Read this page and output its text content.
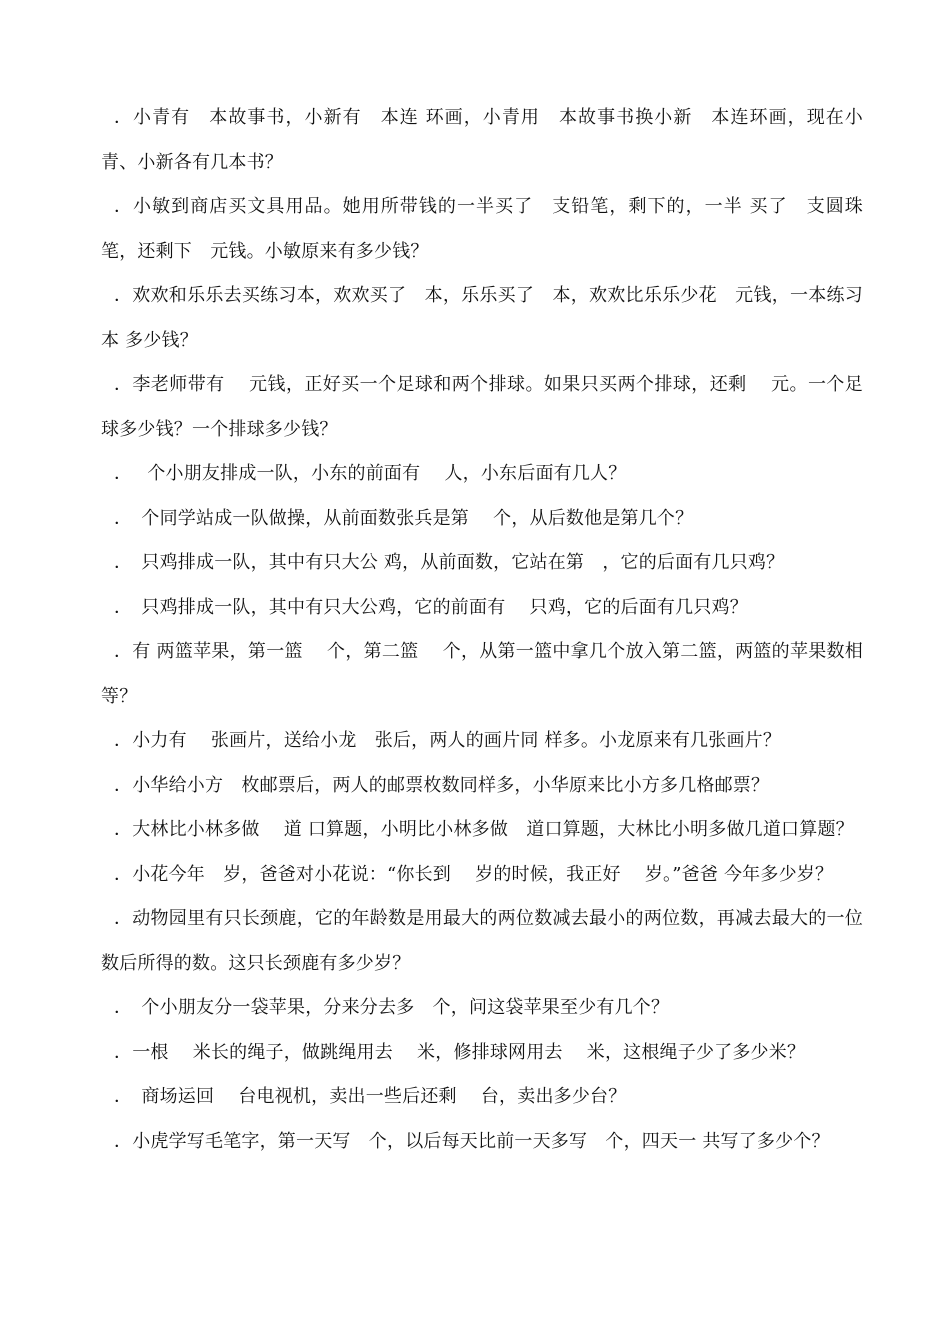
．小青有　本故事书，小新有　本连 环画，小青用　本故事书换小新　本连环画，现在小青、小新各有几本书？
．小敏到商店买文具用品。她用所带钱的一半买了　支铅笔，剩下的，一半 买了　支圆珠笔，还剩下　元钱。小敏原来有多少钱？
．欢欢和乐乐去买练习本，欢欢买了　本，乐乐买了　本，欢欢比乐乐少花　元钱，一本练习本 多少钱？
．李老师带有　 元钱，正好买一个足球和两个排球。如果只买两个排球，还剩　 元。一个足球多少钱？一个排球多少钱？
．　 个小朋友排成一队，小东的前面有　 人，小东后面有几人？
．　个同学站成一队做操，从前面数张兵是第　 个，从后数他是第几个？
．　只鸡排成一队，其中有只大公 鸡，从前面数，它站在第　，它的后面有几只鸡？
．　只鸡排成一队，其中有只大公鸡，它的前面有　 只鸡，它的后面有几只鸡？
．有 两篮苹果，第一篮　 个，第二篮　 个，从第一篮中拿几个放入第二篮，两篮的苹果数相等？
．小力有　 张画片，送给小龙　张后，两人的画片同 样多。小龙原来有几张画片？
．小华给小方　枚邮票后，两人的邮票枚数同样多，小华原来比小方多几格邮票？
．大林比小林多做　 道 口算题，小明比小林多做　道口算题，大林比小明多做几道口算题？
．小花今年　岁，爸爸对小花说：“你长到　 岁的时候，我正好　 岁。”爸爸 今年多少岁？
．动物园里有只长颈鹿，它的年龄数是用最大的两位数减去最小的两位数，再减去最大的一位数后所得的数。这只长颈鹿有多少岁？
．　个小朋友分一袋苹果，分来分去多　个，问这袋苹果至少有几个？
．一根　 米长的绳子，做跳绳用去　 米，修排球网用去　 米，这根绳子少了多少米？
．　商场运回　 台电视机，卖出一些后还剩　 台，卖出多少台？
．小虎学写毛笔字，第一天写　个，以后每天比前一天多写　个，四天一 共写了多少个？
